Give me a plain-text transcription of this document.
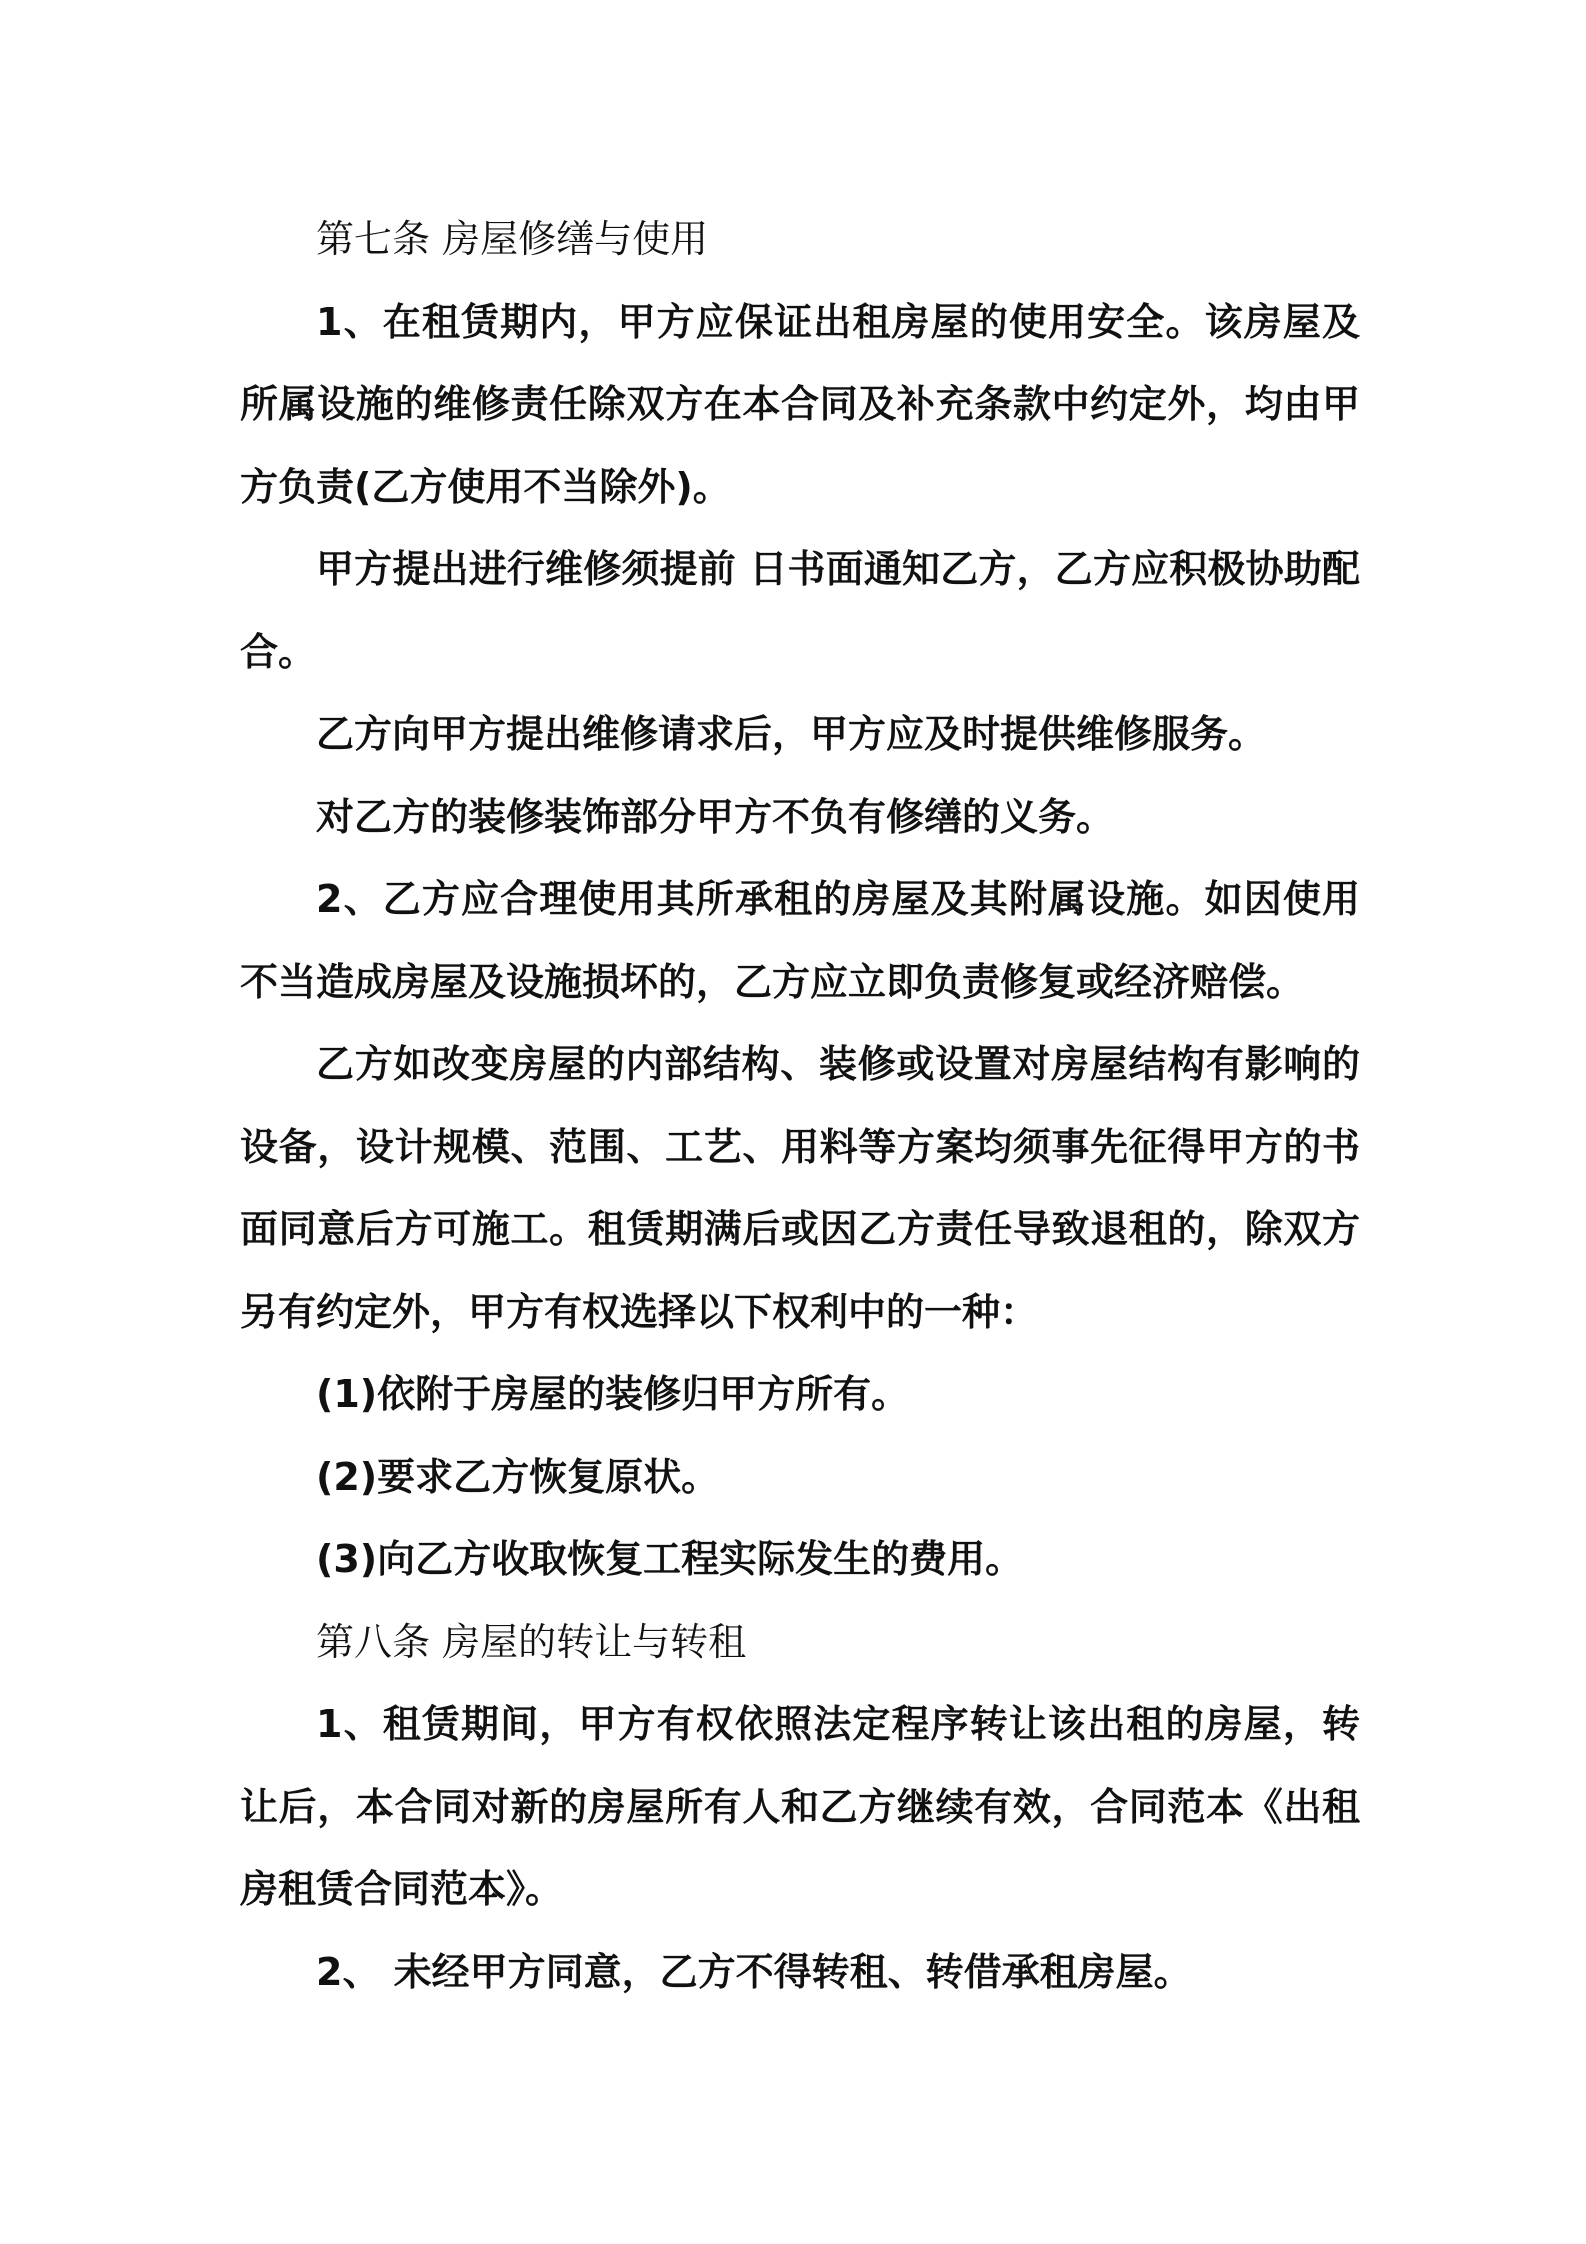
第七条 房屋修缮与使用

1、在租赁期内，甲方应保证出租房屋的使用安全。该房屋及所属设施的维修责任除双方在本合同及补充条款中约定外，均由甲方负责(乙方使用不当除外)。

甲方提出进行维修须提前 日书面通知乙方，乙方应积极协助配合。

乙方向甲方提出维修请求后，甲方应及时提供维修服务。

对乙方的装修装饰部分甲方不负有修缮的义务。

2、乙方应合理使用其所承租的房屋及其附属设施。如因使用不当造成房屋及设施损坏的，乙方应立即负责修复或经济赔偿。

乙方如改变房屋的内部结构、装修或设置对房屋结构有影响的设备，设计规模、范围、工艺、用料等方案均须事先征得甲方的书面同意后方可施工。租赁期满后或因乙方责任导致退租的，除双方另有约定外，甲方有权选择以下权利中的一种：

(1)依附于房屋的装修归甲方所有。

(2)要求乙方恢复原状。

(3)向乙方收取恢复工程实际发生的费用。

第八条 房屋的转让与转租

1、租赁期间，甲方有权依照法定程序转让该出租的房屋，转让后，本合同对新的房屋所有人和乙方继续有效，合同范本《出租房租赁合同范本》。

2、 未经甲方同意，乙方不得转租、转借承租房屋。
